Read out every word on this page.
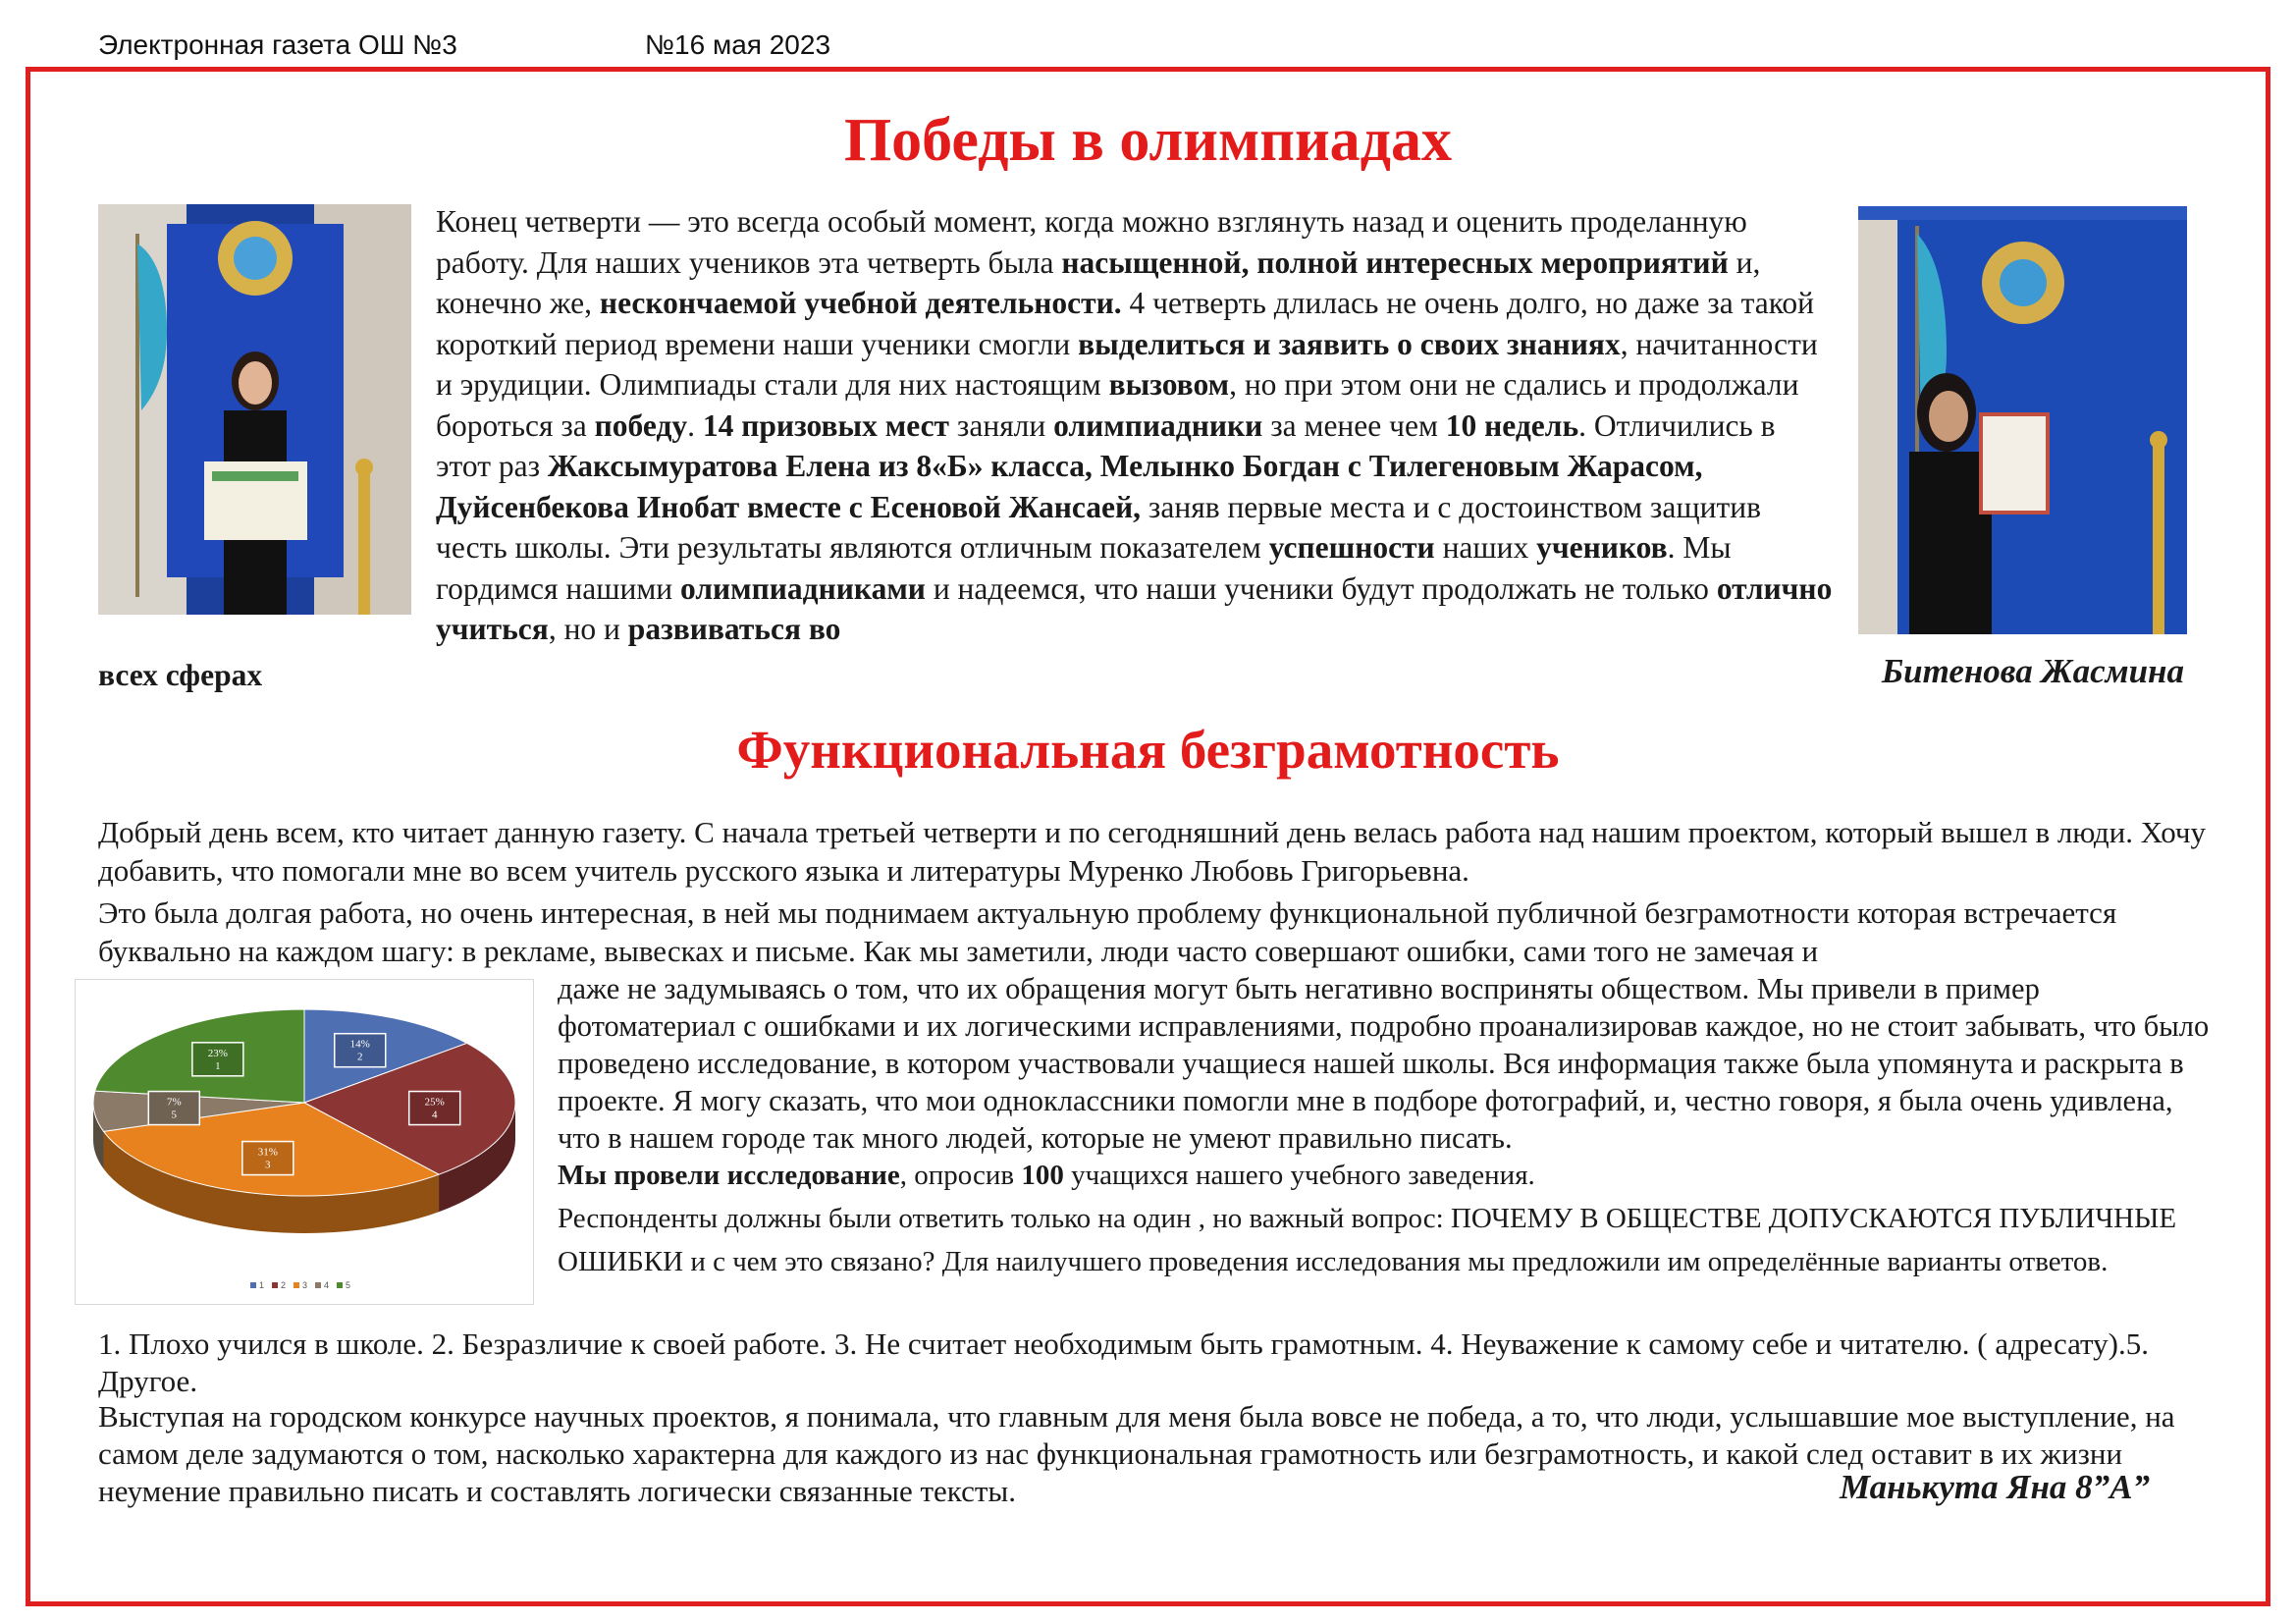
Электронная газета ОШ №3	№16 мая 2023
Победы в олимпиадах
Конец четверти — это всегда особый момент, когда можно взглянуть назад и оценить проделанную работу. Для наших учеников эта четверть была насыщенной, полной интересных мероприятий и, конечно же, нескончаемой учебной деятельности. 4 четверть длилась не очень долго, но даже за такой короткий период времени наши ученики смогли выделиться и заявить о своих знаниях, начитанности и эрудиции. Олимпиады стали для них настоящим вызовом, но при этом они не сдались и продолжали бороться за победу. 14 призовых мест заняли олимпиадники за менее чем 10 недель. Отличились в этот раз Жаксымуратова Елена из 8«Б» класса, Мелынко Богдан с Тилегеновым Жарасом, Дуйсенбекова Инобат вместе с Есеновой Жансаей, заняв первые места и с достоинством защитив честь школы. Эти результаты являются отличным показателем успешности наших учеников. Мы гордимся нашими олимпиадниками и надеемся, что наши ученики будут продолжать не только отлично учиться, но и развиваться во
всех сферах	Битенова Жасмина
Функциональная безграмотность
Добрый день всем, кто читает данную газету. С начала третьей четверти и по сегодняшний день велась работа над нашим проектом, который вышел в люди. Хочу добавить, что помогали мне во всем учитель русского языка и литературы Муренко Любовь Григорьевна.
Это была долгая работа, но очень интересная, в ней мы поднимаем актуальную проблему функциональной публичной безграмотности которая встречается буквально на каждом шагу: в рекламе, вывесках и письме. Как мы заметили, люди часто совершают ошибки, сами того не замечая и
даже не задумываясь о том, что их обращения могут быть негативно восприняты обществом. Мы привели в пример фотоматериал с ошибками и их логическими исправлениями, подробно проанализировав каждое, но не стоит забывать, что было проведено исследование, в котором участвовали учащиеся нашей школы. Вся информация также была упомянута и раскрыта в проекте. Я могу сказать, что мои одноклассники помогли мне в подборе фотографий, и, честно говоря, я была очень удивлена, что в нашем городе так много людей, которые не умеют правильно писать.
Мы провели исследование, опросив 100 учащихся нашего учебного заведения.
Респонденты должны были ответить только на один , но важный вопрос: ПОЧЕМУ В ОБЩЕСТВЕ ДОПУСКАЮТСЯ ПУБЛИЧНЫЕ ОШИБКИ и с чем это связано? Для наилучшего проведения исследования мы предложили им определённые варианты ответов.
1. Плохо учился в школе. 2. Безразличие к своей работе. 3. Не считает необходимым быть грамотным. 4. Неуважение к самому себе и читателю. ( адресату).5. Другое.
Выступая на городском конкурсе научных проектов, я понимала, что главным для меня была вовсе не победа, а то, что люди, услышавшие мое выступление, на самом деле задумаются о том, насколько характерна для каждого из нас функциональная грамотность или безграмотность, и какой след оставит в их жизни неумение правильно писать и составлять логически связанные тексты.	Манькута Яна 8”А”
14%
2
25%
4
31%
3
7%
5
23%
1
1 2 3 4 5
